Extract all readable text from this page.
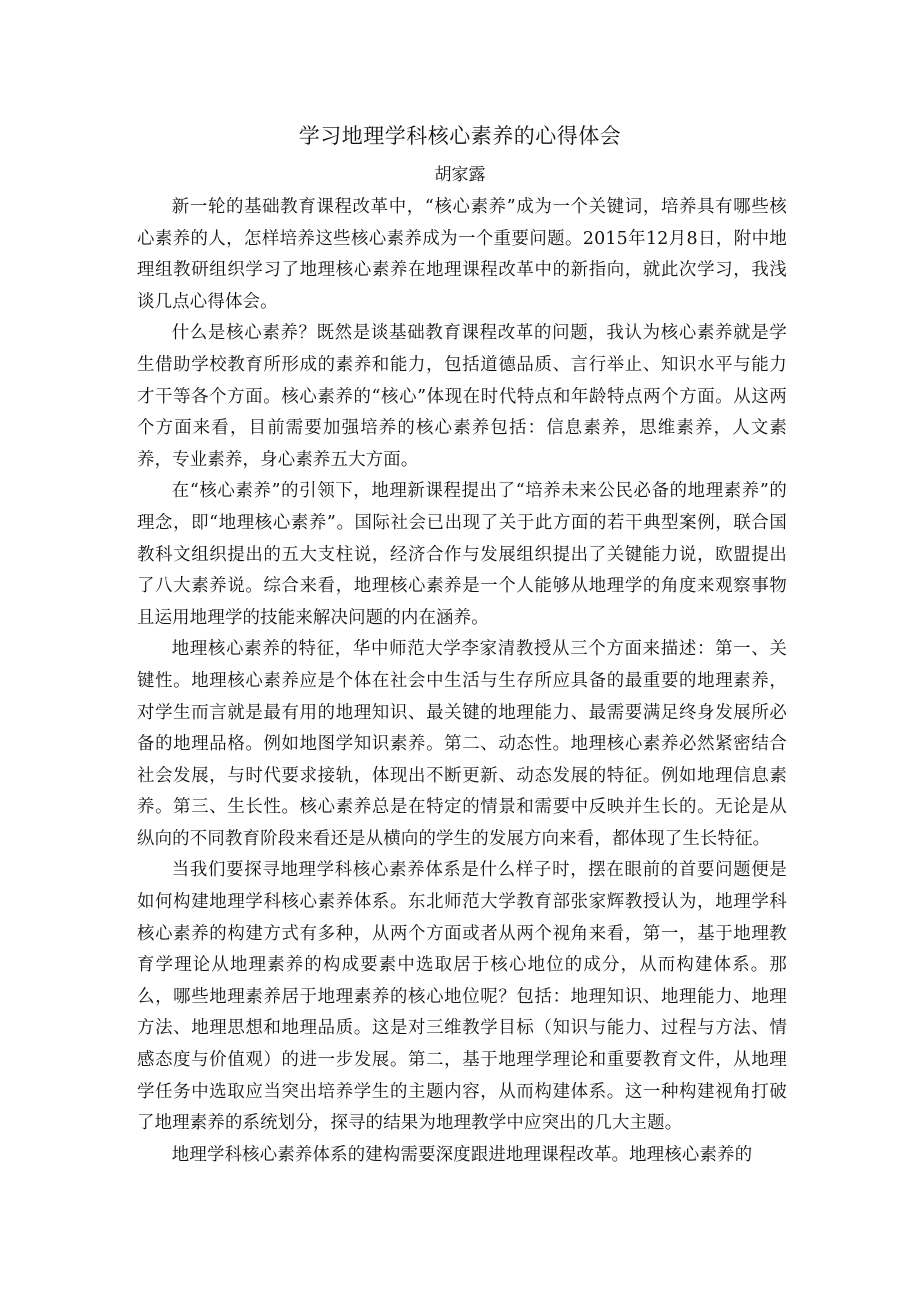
学习地理学科核心素养的心得体会
胡家露

新一轮的基础教育课程改革中，“核心素养”成为一个关键词，培养具有哪些核心素养的人，怎样培养这些核心素养成为一个重要问题。2015年12月8日，附中地理组教研组织学习了地理核心素养在地理课程改革中的新指向，就此次学习，我浅谈几点心得体会。

什么是核心素养？既然是谈基础教育课程改革的问题，我认为核心素养就是学生借助学校教育所形成的素养和能力，包括道德品质、言行举止、知识水平与能力才干等各个方面。核心素养的“核心”体现在时代特点和年龄特点两个方面。从这两个方面来看，目前需要加强培养的核心素养包括：信息素养，思维素养，人文素养，专业素养，身心素养五大方面。

在“核心素养”的引领下，地理新课程提出了“培养未来公民必备的地理素养”的理念，即“地理核心素养”。国际社会已出现了关于此方面的若干典型案例，联合国教科文组织提出的五大支柱说，经济合作与发展组织提出了关键能力说，欧盟提出了八大素养说。综合来看，地理核心素养是一个人能够从地理学的角度来观察事物且运用地理学的技能来解决问题的内在涵养。

地理核心素养的特征，华中师范大学李家清教授从三个方面来描述：第一、关键性。地理核心素养应是个体在社会中生活与生存所应具备的最重要的地理素养，对学生而言就是最有用的地理知识、最关键的地理能力、最需要满足终身发展所必备的地理品格。例如地图学知识素养。第二、动态性。地理核心素养必然紧密结合社会发展，与时代要求接轨，体现出不断更新、动态发展的特征。例如地理信息素养。第三、生长性。核心素养总是在特定的情景和需要中反映并生长的。无论是从纵向的不同教育阶段来看还是从横向的学生的发展方向来看，都体现了生长特征。

当我们要探寻地理学科核心素养体系是什么样子时，摆在眼前的首要问题便是如何构建地理学科核心素养体系。东北师范大学教育部张家辉教授认为，地理学科核心素养的构建方式有多种，从两个方面或者从两个视角来看，第一，基于地理教育学理论从地理素养的构成要素中选取居于核心地位的成分，从而构建体系。那么，哪些地理素养居于地理素养的核心地位呢？包括：地理知识、地理能力、地理方法、地理思想和地理品质。这是对三维教学目标（知识与能力、过程与方法、情感态度与价值观）的进一步发展。第二，基于地理学理论和重要教育文件，从地理学任务中选取应当突出培养学生的主题内容，从而构建体系。这一种构建视角打破了地理素养的系统划分，探寻的结果为地理教学中应突出的几大主题。

地理学科核心素养体系的建构需要深度跟进地理课程改革。地理核心素养的
